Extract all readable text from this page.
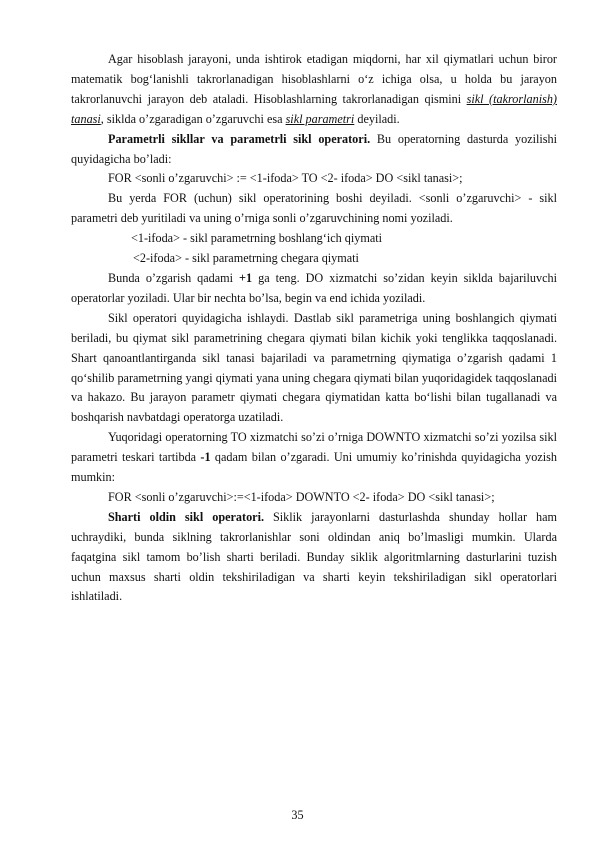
Agar hisoblash jarayoni, unda ishtirok etadigan miqdorni, har xil qiymatlari uchun biror matematik bog‘lanishli takrorlanadigan hisoblashlarni o‘z ichiga olsa, u holda bu jarayon takrorlanuvchi jarayon deb ataladi. Hisoblashlarning takrorlanadigan qismini sikl (takrorlanish) tanasi, siklda o’zgaradigan o’zgaruvchi esa sikl parametri deyiladi.

Parametrli sikllar va parametrli sikl operatori. Bu operatorning dasturda yozilishi quyidagicha bo’ladi:

FOR <sonli o’zgaruvchi> := <1-ifoda> TO <2- ifoda> DO <sikl tanasi>;

Bu yerda FOR (uchun) sikl operatorining boshi deyiladi. <sonli o’zgaruvchi> - sikl parametri deb yuritiladi va uning o’rniga sonli o’zgaruvchining nomi yoziladi.

<1-ifoda> - sikl parametrning boshlang‘ich qiymati

<2-ifoda> - sikl parametrning chegara qiymati

Bunda o’zgarish qadami +1 ga teng. DO xizmatchi so’zidan keyin siklda bajariluvchi operatorlar yoziladi. Ular bir nechta bo’lsa, begin va end ichida yoziladi.

Sikl operatori quyidagicha ishlaydi. Dastlab sikl parametriga uning boshlangich qiymati beriladi, bu qiymat sikl parametrining chegara qiymati bilan kichik yoki tenglikka taqqoslanadi. Shart qanoantlantirganda sikl tanasi bajariladi va parametrning qiymatiga o’zgarish qadami 1 qo‘shilib parametrning yangi qiymati yana uning chegara qiymati bilan yuqoridagidek taqqoslanadi va hakazo. Bu jarayon parametr qiymati chegara qiymatidan katta bo‘lishi bilan tugallanadi va boshqarish navbatdagi operatorga uzatiladi.

Yuqoridagi operatorning TO xizmatchi so’zi o’rniga DOWNTO xizmatchi so’zi yozilsa sikl parametri teskari tartibda -1 qadam bilan o’zgaradi. Uni umumiy ko’rinishda quyidagicha yozish mumkin:

FOR <sonli o’zgaruvchi>:=<1-ifoda> DOWNTO <2- ifoda> DO <sikl tanasi>;

Sharti oldin sikl operatori. Siklik jarayonlarni dasturlashda shunday hollar ham uchraydiki, bunda siklning takrorlanishlar soni oldindan aniq bo’lmasligi mumkin. Ularda faqatgina sikl tamom bo’lish sharti beriladi. Bunday siklik algoritmlarning dasturlarini tuzish uchun maxsus sharti oldin tekshiriladigan va sharti keyin tekshiriladigan sikl operatorlari ishlatiladi.

35
